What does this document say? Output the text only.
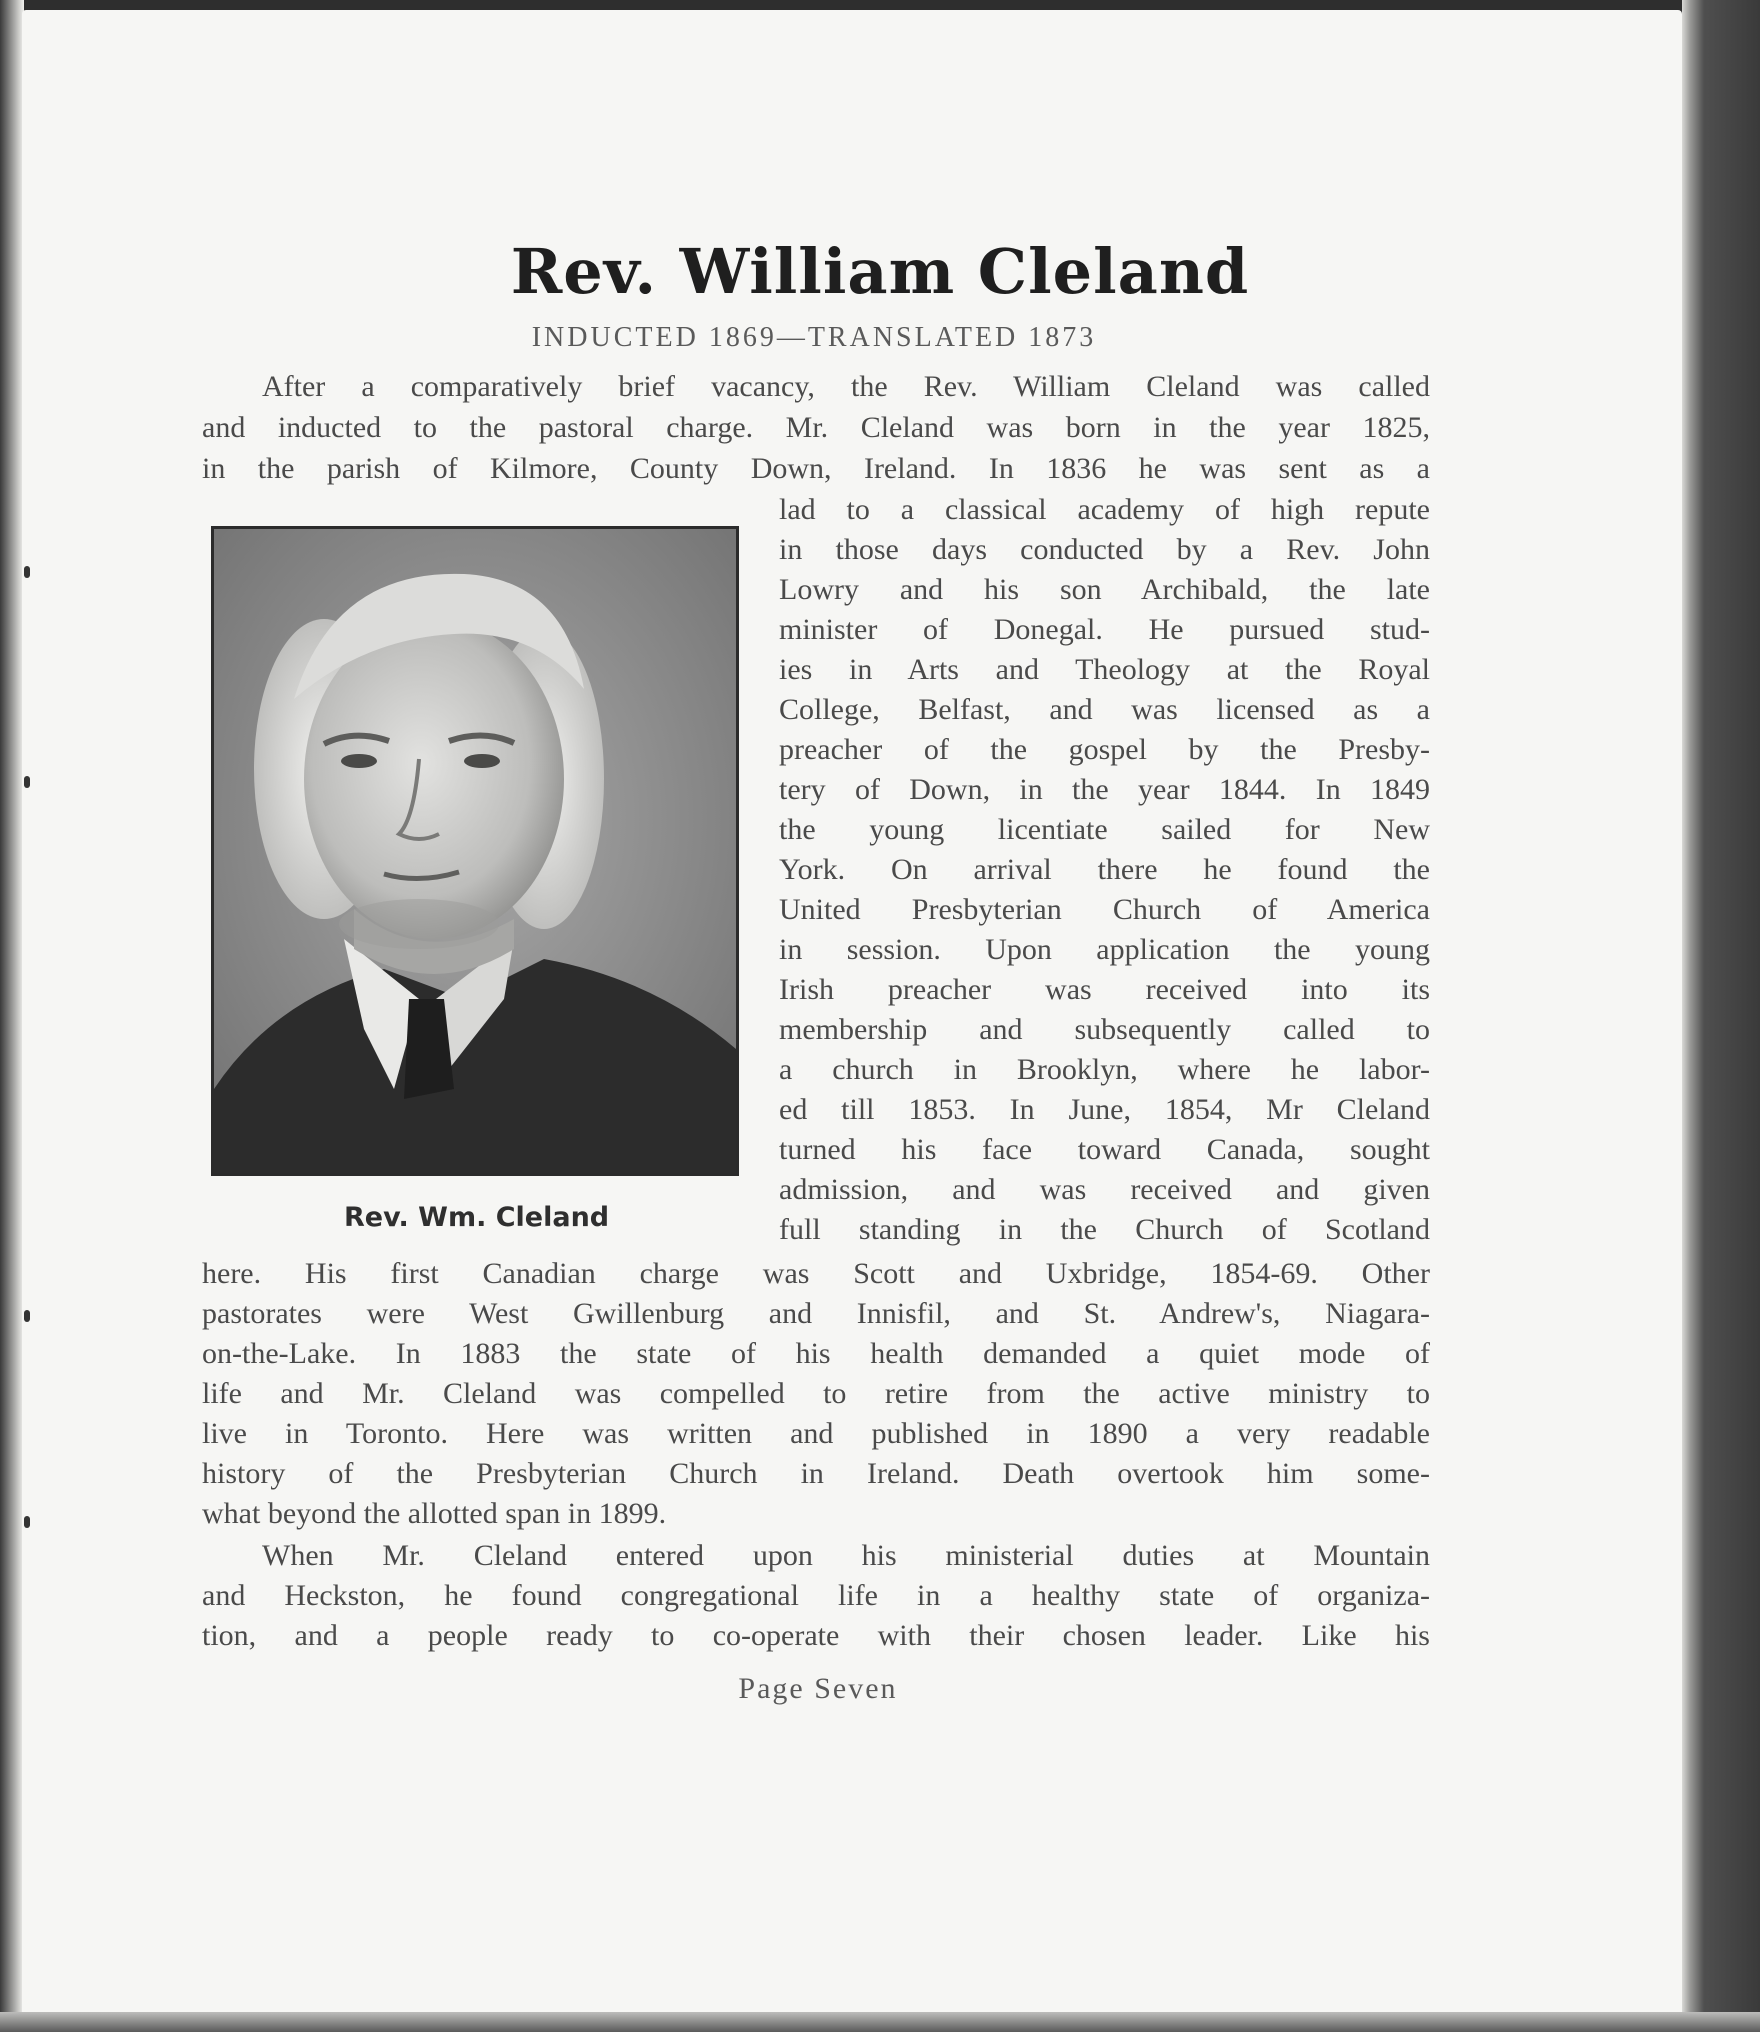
Rev. William Cleland
INDUCTED 1869—TRANSLATED 1873
After a comparatively brief vacancy, the Rev. William Cleland was called
and inducted to the pastoral charge. Mr. Cleland was born in the year 1825,
in the parish of Kilmore, County Down, Ireland. In 1836 he was sent as a
lad to a classical academy of high repute
in those days conducted by a Rev. John
Lowry and his son Archibald, the late
minister of Donegal. He pursued stud-
ies in Arts and Theology at the Royal
College, Belfast, and was licensed as a
preacher of the gospel by the Presby-
tery of Down, in the year 1844. In 1849
the young licentiate sailed for New
York. On arrival there he found the
United Presbyterian Church of America
in session. Upon application the young
Irish preacher was received into its
membership and subsequently called to
a church in Brooklyn, where he labor-
ed till 1853. In June, 1854, Mr Cleland
turned his face toward Canada, sought
admission, and was received and given
full standing in the Church of Scotland
here. His first Canadian charge was Scott and Uxbridge, 1854-69. Other
pastorates were West Gwillenburg and Innisfil, and St. Andrew's, Niagara-
on-the-Lake. In 1883 the state of his health demanded a quiet mode of
life and Mr. Cleland was compelled to retire from the active ministry to
live in Toronto. Here was written and published in 1890 a very readable
history of the Presbyterian Church in Ireland. Death overtook him some-
what beyond the allotted span in 1899.
When Mr. Cleland entered upon his ministerial duties at Mountain
and Heckston, he found congregational life in a healthy state of organiza-
tion, and a people ready to co-operate with their chosen leader. Like his
Rev. Wm. Cleland
Page Seven
